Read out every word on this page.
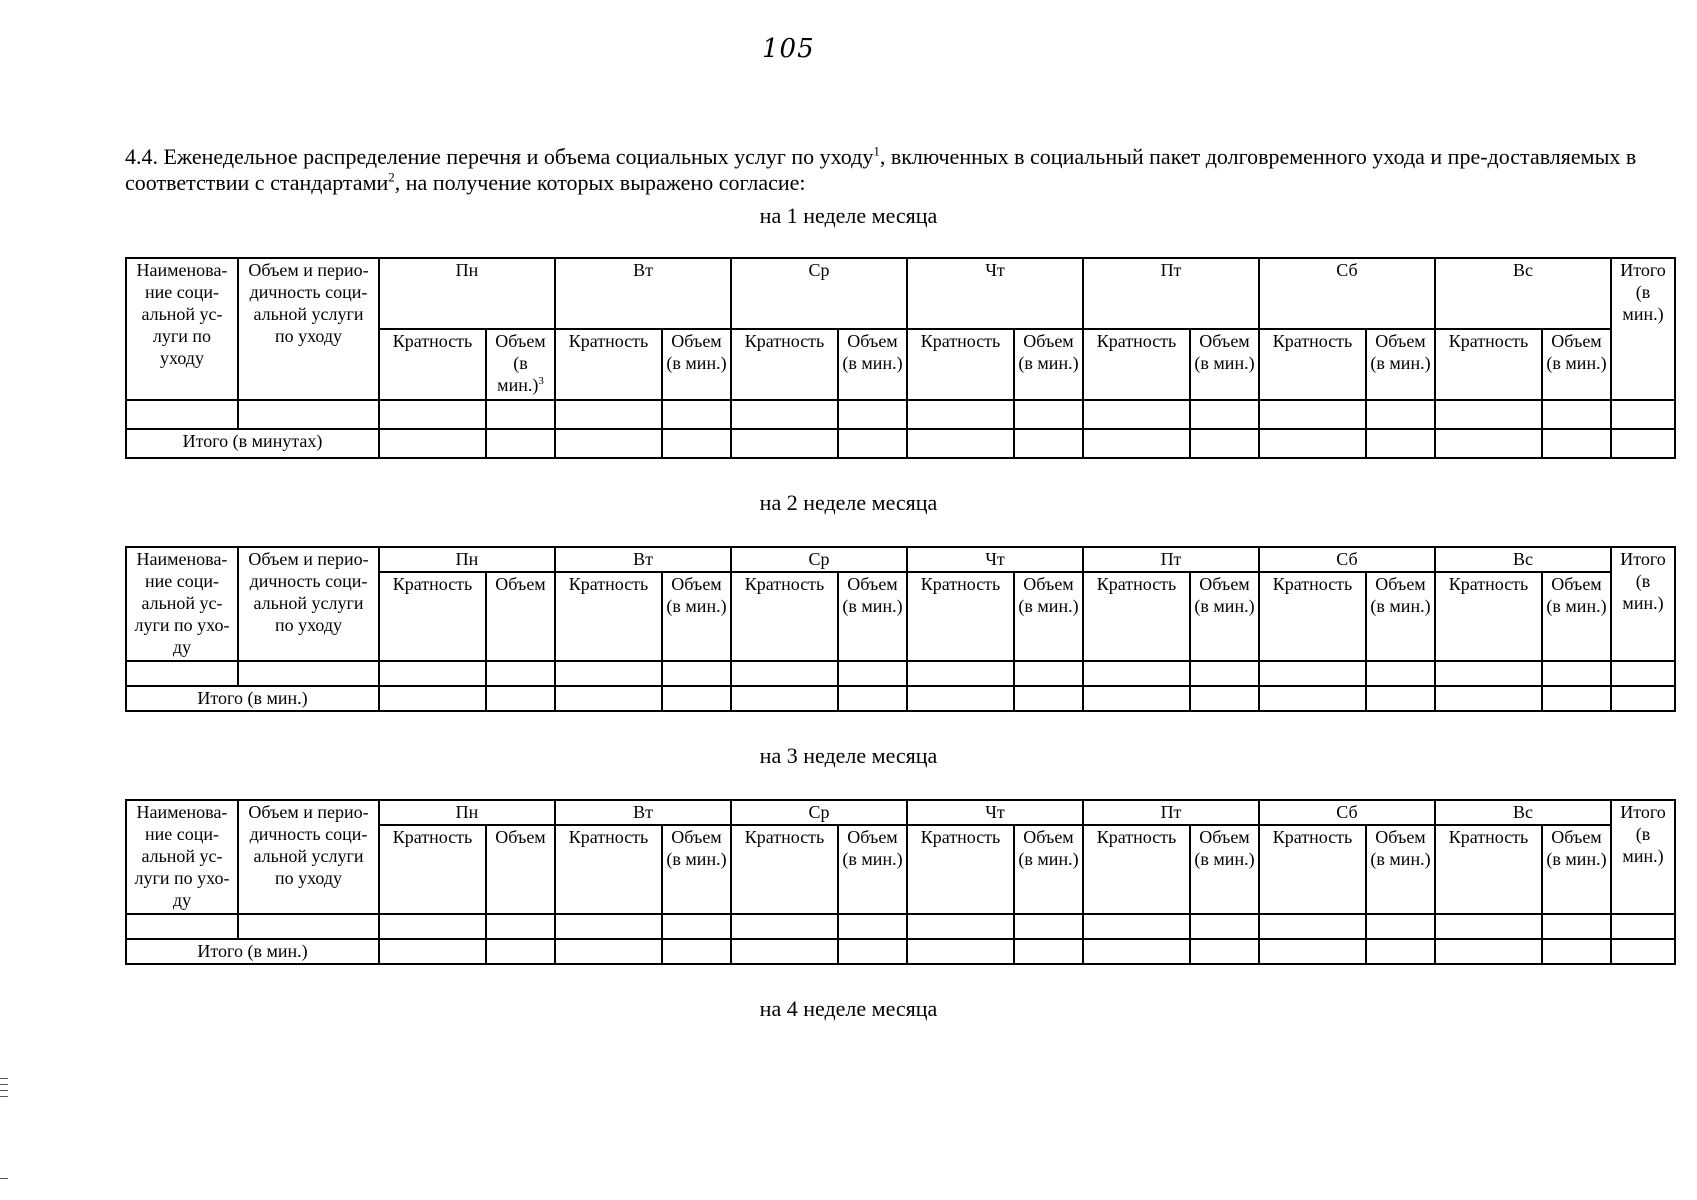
105
4.4. Еженедельное распределение перечня и объема социальных услуг по уходу$^1$, включенных в социальный пакет долговременного ухода и пре-доставляемых в соответствии с стандартами$^2$, на получение которых выражено согласие:
на 1 неделе месяца
Наименова-ние соци-альной ус-луги по уходу	Объем и перио-дичность соци-альной услуги по уходу	Пн		Вт		Ср		Чт		Пт		Сб		Вс		Итого (в мин.)
		Кратность	Объем (в мин.)$^3$	Кратность	Объем (в мин.)	Кратность	Объем (в мин.)	Кратность	Объем (в мин.)	Кратность	Объем (в мин.)	Кратность	Объем (в мин.)	Кратность	Объем (в мин.)	

Итого (в минутах)																
на 2 неделе месяца
Наименова-ние соци-альной ус-луги по ухо-ду	Объем и перио-дичность соци-альной услуги по уходу	Пн		Вт		Ср		Чт		Пт		Сб		Вс		Итого (в мин.)
		Кратность	Объем	Кратность	Объем (в мин.)	Кратность	Объем (в мин.)	Кратность	Объем (в мин.)	Кратность	Объем (в мин.)	Кратность	Объем (в мин.)	Кратность	Объем (в мин.)	

Итого (в мин.)																
на 3 неделе месяца
Наименова-ние соци-альной ус-луги по ухо-ду	Объем и перио-дичность соци-альной услуги по уходу	Пн		Вт		Ср		Чт		Пт		Сб		Вс		Итого (в мин.)
		Кратность	Объем	Кратность	Объем (в мин.)	Кратность	Объем (в мин.)	Кратность	Объем (в мин.)	Кратность	Объем (в мин.)	Кратность	Объем (в мин.)	Кратность	Объем (в мин.)	

Итого (в мин.)																
на 4 неделе месяца
